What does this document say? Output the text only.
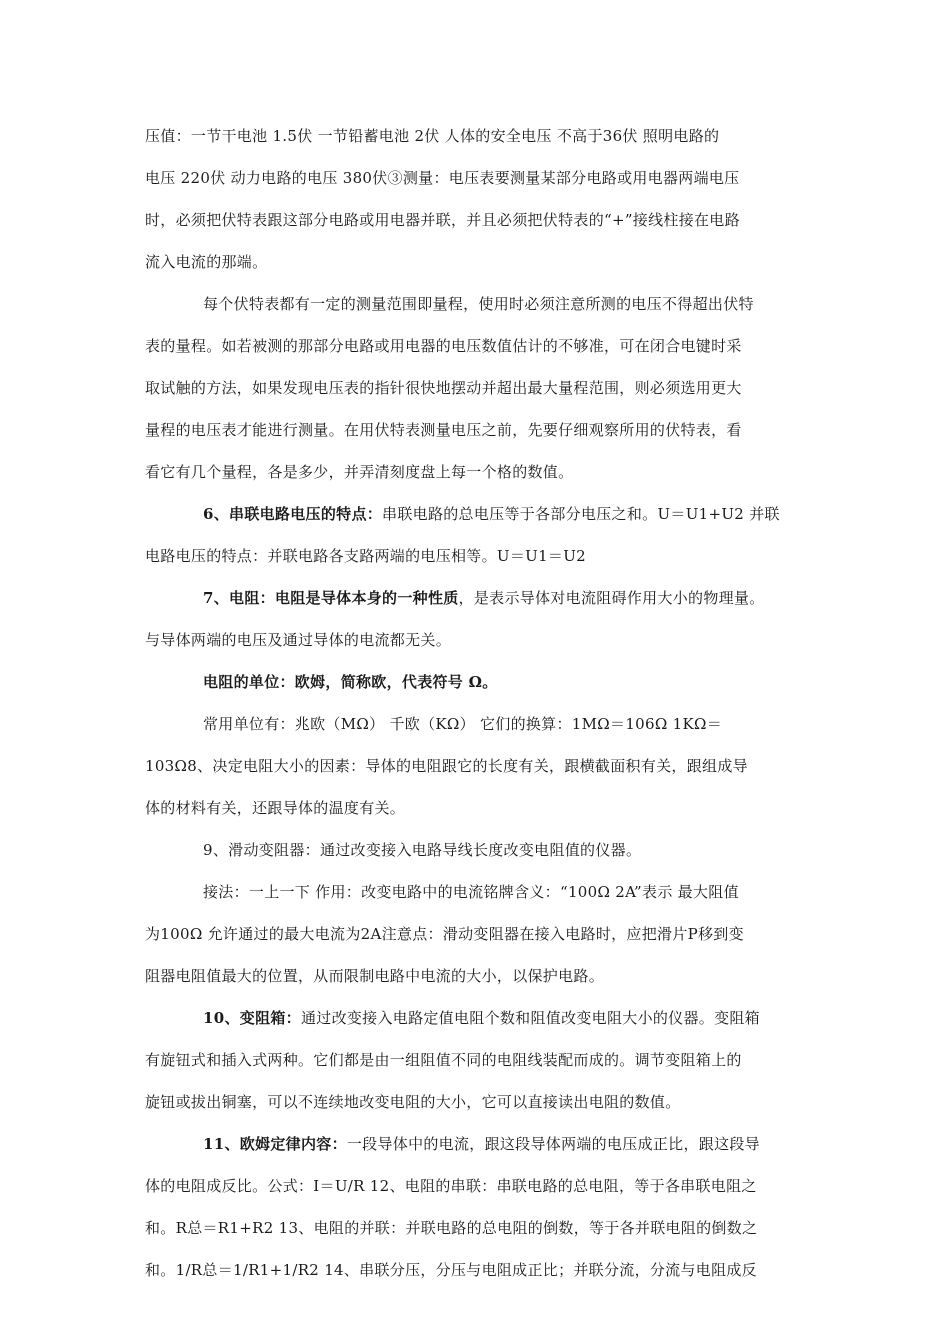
压值：一节干电池 1.5伏 一节铅蓄电池 2伏 人体的安全电压 不高于36伏 照明电路的
电压 220伏 动力电路的电压 380伏③测量：电压表要测量某部分电路或用电器两端电压
时，必须把伏特表跟这部分电路或用电器并联，并且必须把伏特表的“+”接线柱接在电路
流入电流的那端。
每个伏特表都有一定的测量范围即量程，使用时必须注意所测的电压不得超出伏特
表的量程。如若被测的那部分电路或用电器的电压数值估计的不够准，可在闭合电键时采
取试触的方法，如果发现电压表的指针很快地摆动并超出最大量程范围，则必须选用更大
量程的电压表才能进行测量。在用伏特表测量电压之前，先要仔细观察所用的伏特表，看
看它有几个量程，各是多少，并弄清刻度盘上每一个格的数值。
6、串联电路电压的特点：串联电路的总电压等于各部分电压之和。U＝U1+U2 并联
电路电压的特点：并联电路各支路两端的电压相等。U＝U1＝U2
7、电阻：电阻是导体本身的一种性质，是表示导体对电流阻碍作用大小的物理量。
与导体两端的电压及通过导体的电流都无关。
电阻的单位：欧姆，简称欧，代表符号 Ω。
常用单位有：兆欧（MΩ） 千欧（KΩ） 它们的换算：1MΩ＝106Ω 1KΩ＝
103Ω8、决定电阻大小的因素：导体的电阻跟它的长度有关，跟横截面积有关，跟组成导
体的材料有关，还跟导体的温度有关。
9、滑动变阻器：通过改变接入电路导线长度改变电阻值的仪器。
接法：一上一下 作用：改变电路中的电流铭牌含义：“100Ω 2A”表示 最大阻值
为100Ω 允许通过的最大电流为2A注意点：滑动变阻器在接入电路时，应把滑片P移到变
阻器电阻值最大的位置，从而限制电路中电流的大小，以保护电路。
10、变阻箱：通过改变接入电路定值电阻个数和阻值改变电阻大小的仪器。变阻箱
有旋钮式和插入式两种。它们都是由一组阻值不同的电阻线装配而成的。调节变阻箱上的
旋钮或拔出铜塞，可以不连续地改变电阻的大小，它可以直接读出电阻的数值。
11、欧姆定律内容：一段导体中的电流，跟这段导体两端的电压成正比，跟这段导
体的电阻成反比。公式：I＝U/R 12、电阻的串联：串联电路的总电阻，等于各串联电阻之
和。R总＝R1+R2 13、电阻的并联：并联电路的总电阻的倒数，等于各并联电阻的倒数之
和。1/R总＝1/R1+1/R2 14、串联分压，分压与电阻成正比；并联分流，分流与电阻成反
